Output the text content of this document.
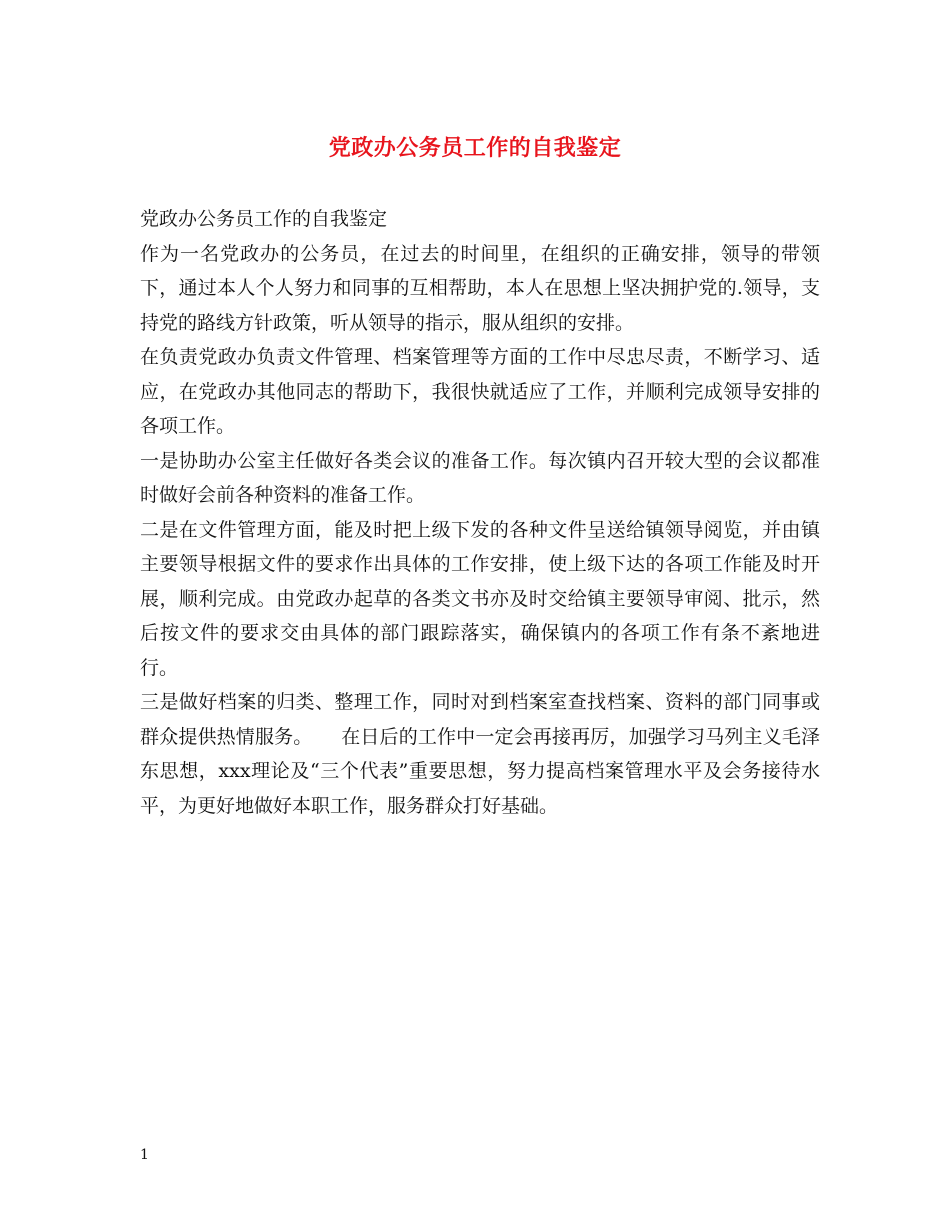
党政办公务员工作的自我鉴定

党政办公务员工作的自我鉴定

作为一名党政办的公务员，在过去的时间里，在组织的正确安排，领导的带领下，通过本人个人努力和同事的互相帮助，本人在思想上坚决拥护党的.领导，支持党的路线方针政策，听从领导的指示，服从组织的安排。

在负责党政办负责文件管理、档案管理等方面的工作中尽忠尽责，不断学习、适应，在党政办其他同志的帮助下，我很快就适应了工作，并顺利完成领导安排的各项工作。

一是协助办公室主任做好各类会议的准备工作。每次镇内召开较大型的会议都准时做好会前各种资料的准备工作。

二是在文件管理方面，能及时把上级下发的各种文件呈送给镇领导阅览，并由镇主要领导根据文件的要求作出具体的工作安排，使上级下达的各项工作能及时开展，顺利完成。由党政办起草的各类文书亦及时交给镇主要领导审阅、批示，然后按文件的要求交由具体的部门跟踪落实，确保镇内的各项工作有条不紊地进行。

三是做好档案的归类、整理工作，同时对到档案室查找档案、资料的部门同事或群众提供热情服务。　　在日后的工作中一定会再接再厉，加强学习马列主义毛泽东思想，xxx理论及“三个代表”重要思想，努力提高档案管理水平及会务接待水平，为更好地做好本职工作，服务群众打好基础。

1
